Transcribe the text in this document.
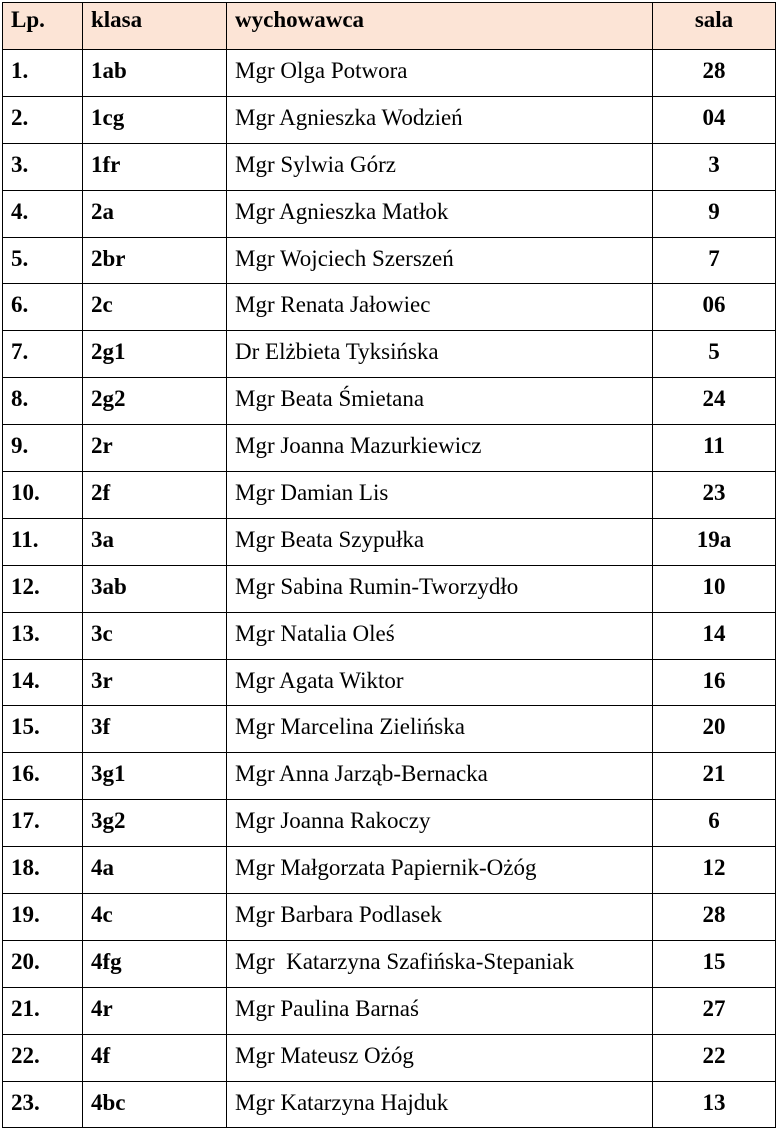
Lp.	klasa	wychowawca	sala
1.	1ab	Mgr Olga Potwora	28
2.	1cg	Mgr Agnieszka Wodzień	04
3.	1fr	Mgr Sylwia Górz	3
4.	2a	Mgr Agnieszka Matłok	9
5.	2br	Mgr Wojciech Szerszeń	7
6.	2c	Mgr Renata Jałowiec	06
7.	2g1	Dr Elżbieta Tyksińska	5
8.	2g2	Mgr Beata Śmietana	24
9.	2r	Mgr Joanna Mazurkiewicz	11
10.	2f	Mgr Damian Lis	23
11.	3a	Mgr Beata Szypułka	19a
12.	3ab	Mgr Sabina Rumin-Tworzydło	10
13.	3c	Mgr Natalia Oleś	14
14.	3r	Mgr Agata Wiktor	16
15.	3f	Mgr Marcelina Zielińska	20
16.	3g1	Mgr Anna Jarząb-Bernacka	21
17.	3g2	Mgr Joanna Rakoczy	6
18.	4a	Mgr Małgorzata Papiernik-Ożóg	12
19.	4c	Mgr Barbara Podlasek	28
20.	4fg	Mgr  Katarzyna Szafińska-Stepaniak	15
21.	4r	Mgr Paulina Barnaś	27
22.	4f	Mgr Mateusz Ożóg	22
23.	4bc	Mgr Katarzyna Hajduk	13
